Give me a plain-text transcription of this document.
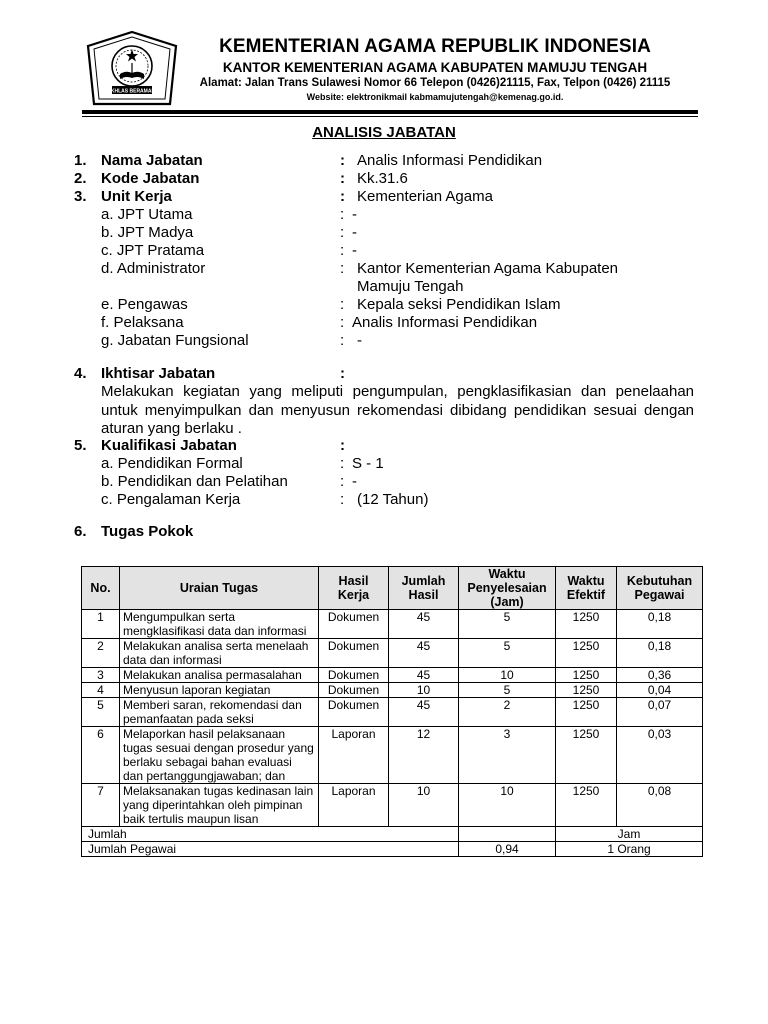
IKHLAS BERAMAL
KEMENTERIAN AGAMA REPUBLIK INDONESIA
KANTOR KEMENTERIAN AGAMA KABUPATEN MAMUJU TENGAH
Alamat: Jalan Trans Sulawesi Nomor 66 Telepon (0426)21115, Fax, Telpon (0426) 21115
Website: elektronikmail kabmamujutengah@kemenag.go.id.
ANALISIS JABATAN
1. Nama Jabatan	: Analis Informasi Pendidikan
2. Kode Jabatan	: Kk.31.6
3. Unit Kerja	: Kementerian Agama
a. JPT Utama	: -
b. JPT Madya	: -
c. JPT Pratama	: -
d. Administrator	: Kantor Kementerian Agama Kabupaten
Mamuju Tengah
e. Pengawas	: Kepala seksi Pendidikan Islam
f. Pelaksana	: Analis Informasi Pendidikan
g. Jabatan Fungsional	: -
4. Ikhtisar Jabatan	:
Melakukan kegiatan yang meliputi pengumpulan, pengklasifikasian dan penelaahan untuk menyimpulkan dan menyusun rekomendasi dibidang pendidikan sesuai dengan aturan yang berlaku .
5. Kualifikasi Jabatan	:
a. Pendidikan Formal	: S - 1
b. Pendidikan dan Pelatihan	: -
c. Pengalaman Kerja	: (12 Tahun)
6. Tugas Pokok
No.	Uraian Tugas	Hasil Kerja	Jumlah Hasil	Waktu Penyelesaian (Jam)	Waktu Efektif	Kebutuhan Pegawai
1	Mengumpulkan serta mengklasifikasi data dan informasi	Dokumen	45	5	1250	0,18
2	Melakukan analisa serta menelaah data dan informasi	Dokumen	45	5	1250	0,18
3	Melakukan analisa permasalahan	Dokumen	45	10	1250	0,36
4	Menyusun laporan kegiatan	Dokumen	10	5	1250	0,04
5	Memberi saran, rekomendasi dan pemanfaatan pada seksi	Dokumen	45	2	1250	0,07
6	Melaporkan hasil pelaksanaan tugas sesuai dengan prosedur yang berlaku sebagai bahan evaluasi dan pertanggungjawaban; dan	Laporan	12	3	1250	0,03
7	Melaksanakan tugas kedinasan lain yang diperintahkan oleh pimpinan baik tertulis maupun lisan	Laporan	10	10	1250	0,08
Jumlah					Jam	
Jumlah Pegawai				0,94	1 Orang	
